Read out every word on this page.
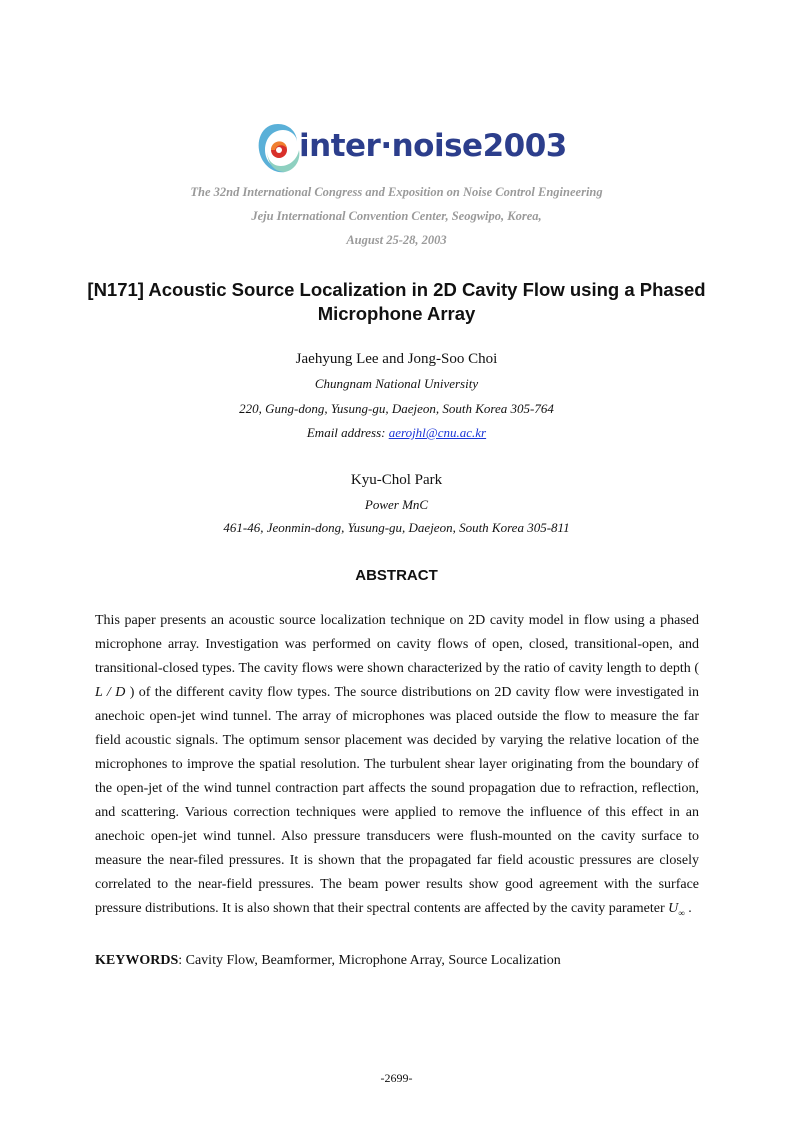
inter·noise2003
The 32nd International Congress and Exposition on Noise Control Engineering
Jeju International Convention Center, Seogwipo, Korea,
August 25-28, 2003
[N171] Acoustic Source Localization in 2D Cavity Flow using a Phased Microphone Array
Jaehyung Lee and Jong-Soo Choi
Chungnam National University
220, Gung-dong, Yusung-gu, Daejeon, South Korea 305-764
Email address: aerojhl@cnu.ac.kr
Kyu-Chol Park
Power MnC
461-46, Jeonmin-dong, Yusung-gu, Daejeon, South Korea 305-811
ABSTRACT

This paper presents an acoustic source localization technique on 2D cavity model in flow using a phased microphone array. Investigation was performed on cavity flows of open, closed, transitional-open, and transitional-closed types. The cavity flows were shown characterized by the ratio of cavity length to depth ( L / D ) of the different cavity flow types. The source distributions on 2D cavity flow were investigated in anechoic open-jet wind tunnel. The array of microphones was placed outside the flow to measure the far field acoustic signals. The optimum sensor placement was decided by varying the relative location of the microphones to improve the spatial resolution. The turbulent shear layer originating from the boundary of the open-jet of the wind tunnel contraction part affects the sound propagation due to refraction, reflection, and scattering. Various correction techniques were applied to remove the influence of this effect in an anechoic open-jet wind tunnel. Also pressure transducers were flush-mounted on the cavity surface to measure the near-filed pressures. It is shown that the propagated far field acoustic pressures are closely correlated to the near-field pressures. The beam power results show good agreement with the surface pressure distributions. It is also shown that their spectral contents are affected by the cavity parameter $U_\infty$ .

KEYWORDS: Cavity Flow, Beamformer, Microphone Array, Source Localization
-2699-
